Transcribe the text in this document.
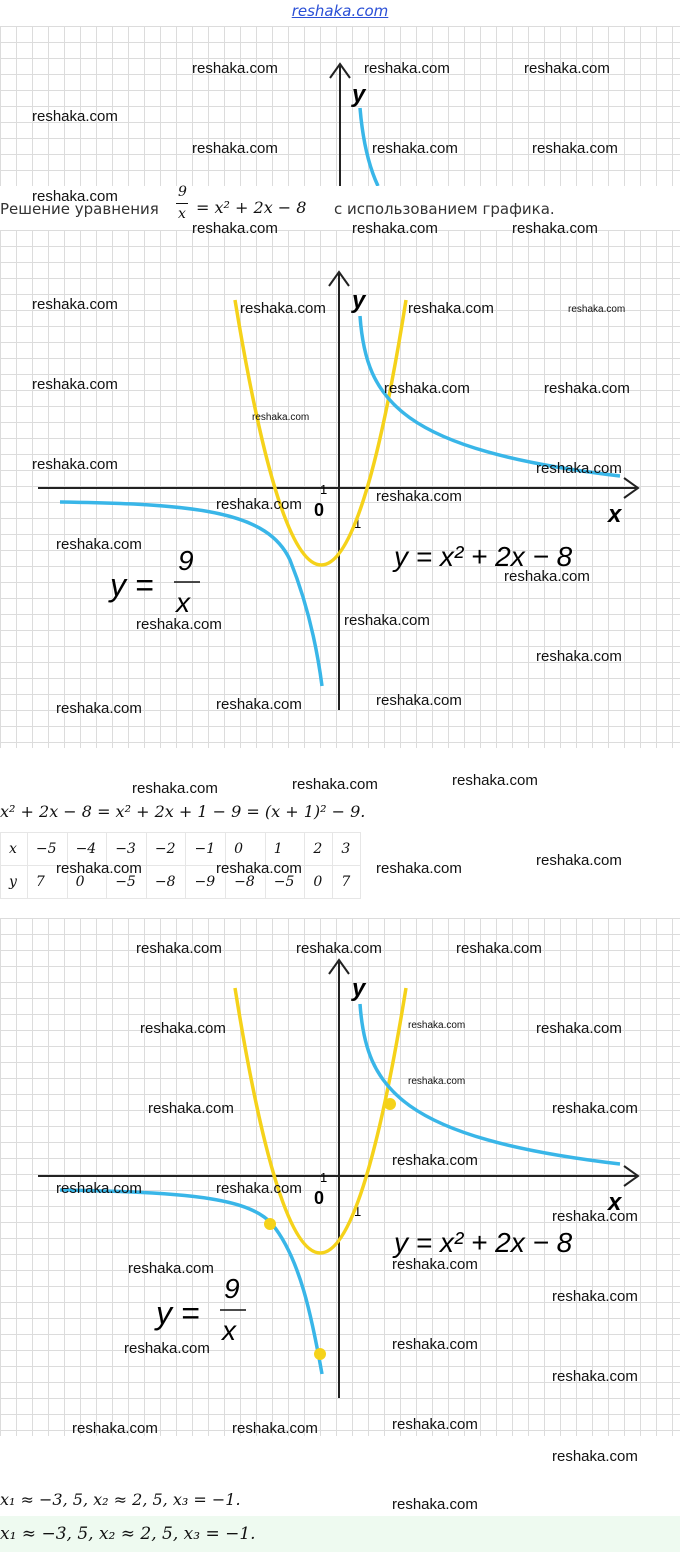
reshaka.com
y
Решение уравнения
9
x = x² + 2x − 8 с использованием графика.
y
x
0
1
1
y =
9
x
y = x² + 2x − 8
x² + 2x − 8 = x² + 2x + 1 − 9 = (x + 1)² − 9.
x	−5	−4	−3	−2	−1	0	1	2	3
y	7	0	−5	−8	−9	−8	−5	0	7
y
x
0
1
1
y =
9
x
y = x² + 2x − 8
x₁ ≈ −3, 5, x₂ ≈ 2, 5, x₃ = −1.
x₁ ≈ −3, 5, x₂ ≈ 2, 5, x₃ = −1.
reshaka.com	reshaka.com	reshaka.com
reshaka.com
reshaka.com	reshaka.com	reshaka.com
reshaka.com
reshaka.com	reshaka.com	reshaka.com
reshaka.com	reshaka.com	reshaka.com	reshaka.com
reshaka.com	reshaka.com	reshaka.com
reshaka.com
reshaka.com	reshaka.com
reshaka.com
reshaka.com
reshaka.com
reshaka.com
reshaka.com
reshaka.com
reshaka.com
reshaka.com
reshaka.com
reshaka.com
reshaka.com
reshaka.com
reshaka.com
reshaka.com
reshaka.com	reshaka.com	reshaka.com
reshaka.com	reshaka.com	reshaka.com
reshaka.com	reshaka.com	reshaka.com
reshaka.com
reshaka.com	reshaka.com
reshaka.com
reshaka.com	reshaka.com
reshaka.com
reshaka.com
reshaka.com
reshaka.com
reshaka.com
reshaka.com
reshaka.com
reshaka.com
reshaka.com	reshaka.com
reshaka.com
reshaka.com
